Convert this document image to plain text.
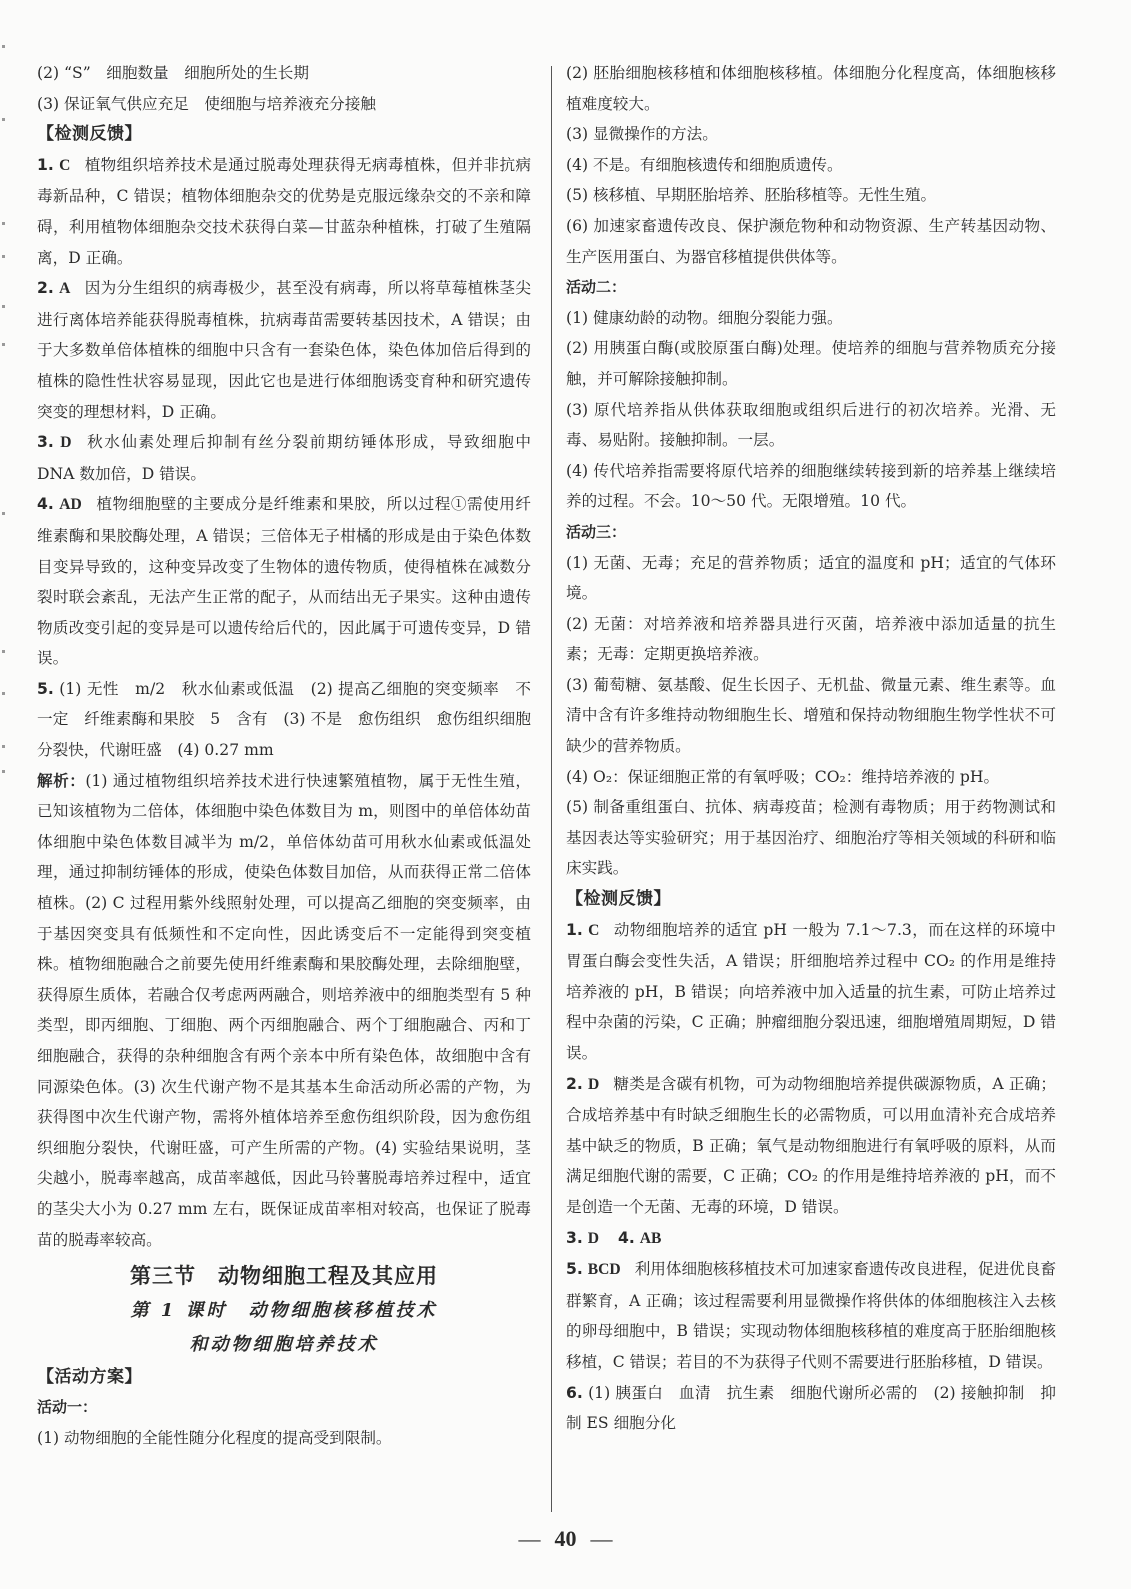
(2) “S”　细胞数量　细胞所处的生长期

(3) 保证氧气供应充足　使细胞与培养液充分接触

【检测反馈】

1. C 植物组织培养技术是通过脱毒处理获得无病毒植株，但并非抗病毒新品种，C 错误；植物体细胞杂交的优势是克服远缘杂交的不亲和障碍，利用植物体细胞杂交技术获得白菜—甘蓝杂种植株，打破了生殖隔离，D 正确。

2. A 因为分生组织的病毒极少，甚至没有病毒，所以将草莓植株茎尖进行离体培养能获得脱毒植株，抗病毒苗需要转基因技术，A 错误；由于大多数单倍体植株的细胞中只含有一套染色体，染色体加倍后得到的植株的隐性性状容易显现，因此它也是进行体细胞诱变育种和研究遗传突变的理想材料，D 正确。

3. D 秋水仙素处理后抑制有丝分裂前期纺锤体形成，导致细胞中 DNA 数加倍，D 错误。

4. AD 植物细胞壁的主要成分是纤维素和果胶，所以过程①需使用纤维素酶和果胶酶处理，A 错误；三倍体无子柑橘的形成是由于染色体数目变异导致的，这种变异改变了生物体的遗传物质，使得植株在减数分裂时联会紊乱，无法产生正常的配子，从而结出无子果实。这种由遗传物质改变引起的变异是可以遗传给后代的，因此属于可遗传变异，D 错误。

5. (1) 无性　m/2　秋水仙素或低温　(2) 提高乙细胞的突变频率　不一定　纤维素酶和果胶　5　含有　(3) 不是　愈伤组织　愈伤组织细胞分裂快，代谢旺盛　(4) 0.27 mm

解析：(1) 通过植物组织培养技术进行快速繁殖植物，属于无性生殖，已知该植物为二倍体，体细胞中染色体数目为 m，则图中的单倍体幼苗体细胞中染色体数目减半为 m/2，单倍体幼苗可用秋水仙素或低温处理，通过抑制纺锤体的形成，使染色体数目加倍，从而获得正常二倍体植株。(2) C 过程用紫外线照射处理，可以提高乙细胞的突变频率，由于基因突变具有低频性和不定向性，因此诱变后不一定能得到突变植株。植物细胞融合之前要先使用纤维素酶和果胶酶处理，去除细胞壁，获得原生质体，若融合仅考虑两两融合，则培养液中的细胞类型有 5 种类型，即丙细胞、丁细胞、两个丙细胞融合、两个丁细胞融合、丙和丁细胞融合，获得的杂种细胞含有两个亲本中所有染色体，故细胞中含有同源染色体。(3) 次生代谢产物不是其基本生命活动所必需的产物，为获得图中次生代谢产物，需将外植体培养至愈伤组织阶段，因为愈伤组织细胞分裂快，代谢旺盛，可产生所需的产物。(4) 实验结果说明，茎尖越小，脱毒率越高，成苗率越低，因此马铃薯脱毒培养过程中，适宜的茎尖大小为 0.27 mm 左右，既保证成苗率相对较高，也保证了脱毒苗的脱毒率较高。

第三节　动物细胞工程及其应用

第 1 课时　动物细胞核移植技术

和动物细胞培养技术

【活动方案】

活动一：

(1) 动物细胞的全能性随分化程度的提高受到限制。

(2) 胚胎细胞核移植和体细胞核移植。体细胞分化程度高，体细胞核移植难度较大。

(3) 显微操作的方法。

(4) 不是。有细胞核遗传和细胞质遗传。

(5) 核移植、早期胚胎培养、胚胎移植等。无性生殖。

(6) 加速家畜遗传改良、保护濒危物种和动物资源、生产转基因动物、生产医用蛋白、为器官移植提供供体等。

活动二：

(1) 健康幼龄的动物。细胞分裂能力强。

(2) 用胰蛋白酶(或胶原蛋白酶)处理。使培养的细胞与营养物质充分接触，并可解除接触抑制。

(3) 原代培养指从供体获取细胞或组织后进行的初次培养。光滑、无毒、易贴附。接触抑制。一层。

(4) 传代培养指需要将原代培养的细胞继续转接到新的培养基上继续培养的过程。不会。10～50 代。无限增殖。10 代。

活动三：

(1) 无菌、无毒；充足的营养物质；适宜的温度和 pH；适宜的气体环境。

(2) 无菌：对培养液和培养器具进行灭菌，培养液中添加适量的抗生素；无毒：定期更换培养液。

(3) 葡萄糖、氨基酸、促生长因子、无机盐、微量元素、维生素等。血清中含有许多维持动物细胞生长、增殖和保持动物细胞生物学性状不可缺少的营养物质。

(4) O₂：保证细胞正常的有氧呼吸；CO₂：维持培养液的 pH。

(5) 制备重组蛋白、抗体、病毒疫苗；检测有毒物质；用于药物测试和基因表达等实验研究；用于基因治疗、细胞治疗等相关领域的科研和临床实践。

【检测反馈】

1. C 动物细胞培养的适宜 pH 一般为 7.1～7.3，而在这样的环境中胃蛋白酶会变性失活，A 错误；肝细胞培养过程中 CO₂ 的作用是维持培养液的 pH，B 错误；向培养液中加入适量的抗生素，可防止培养过程中杂菌的污染，C 正确；肿瘤细胞分裂迅速，细胞增殖周期短，D 错误。

2. D 糖类是含碳有机物，可为动物细胞培养提供碳源物质，A 正确；合成培养基中有时缺乏细胞生长的必需物质，可以用血清补充合成培养基中缺乏的物质，B 正确；氧气是动物细胞进行有氧呼吸的原料，从而满足细胞代谢的需要，C 正确；CO₂ 的作用是维持培养液的 pH，而不是创造一个无菌、无毒的环境，D 错误。

3. D 4. AB

5. BCD 利用体细胞核移植技术可加速家畜遗传改良进程，促进优良畜群繁育，A 正确；该过程需要利用显微操作将供体的体细胞核注入去核的卵母细胞中，B 错误；实现动物体细胞核移植的难度高于胚胎细胞核移植，C 错误；若目的不为获得子代则不需要进行胚胎移植，D 错误。

6. (1) 胰蛋白　血清　抗生素　细胞代谢所必需的　(2) 接触抑制　抑制 ES 细胞分化

— 40 —
